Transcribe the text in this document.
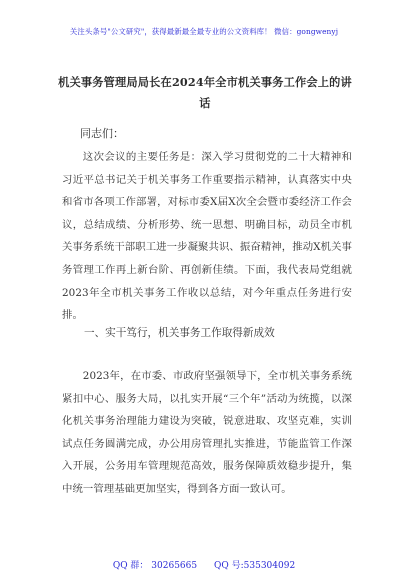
关注头条号"公文研究"，获得最新最全最专业的公文资料库！ 微信：gongwenyj
机关事务管理局局长在2024年全市机关事务工作会上的讲话
同志们：
这次会议的主要任务是：深入学习贯彻党的二十大精神和习近平总书记关于机关事务工作重要指示精神，认真落实中央和省市各项工作部署，对标市委X届X次全会暨市委经济工作会议，总结成绩、分析形势、统一思想、明确目标，动员全市机关事务系统干部职工进一步凝聚共识、振奋精神，推动X机关事务管理工作再上新台阶、再创新佳绩。下面，我代表局党组就2023年全市机关事务工作收以总结，对今年重点任务进行安排。
一、实干笃行，机关事务工作取得新成效
2023年，在市委、市政府坚强领导下，全市机关事务系统紧扣中心、服务大局，以扎实开展“三个年”活动为统揽，以深化机关事务治理能力建设为突破，锐意进取、攻坚克难，实训试点任务圆满完成，办公用房管理扎实推进，节能监管工作深入开展，公务用车管理规范高效，服务保障质效稳步提升，集中统一管理基础更加坚实，得到各方面一致认可。
QQ 群： 30265665 QQ 号:535304092
